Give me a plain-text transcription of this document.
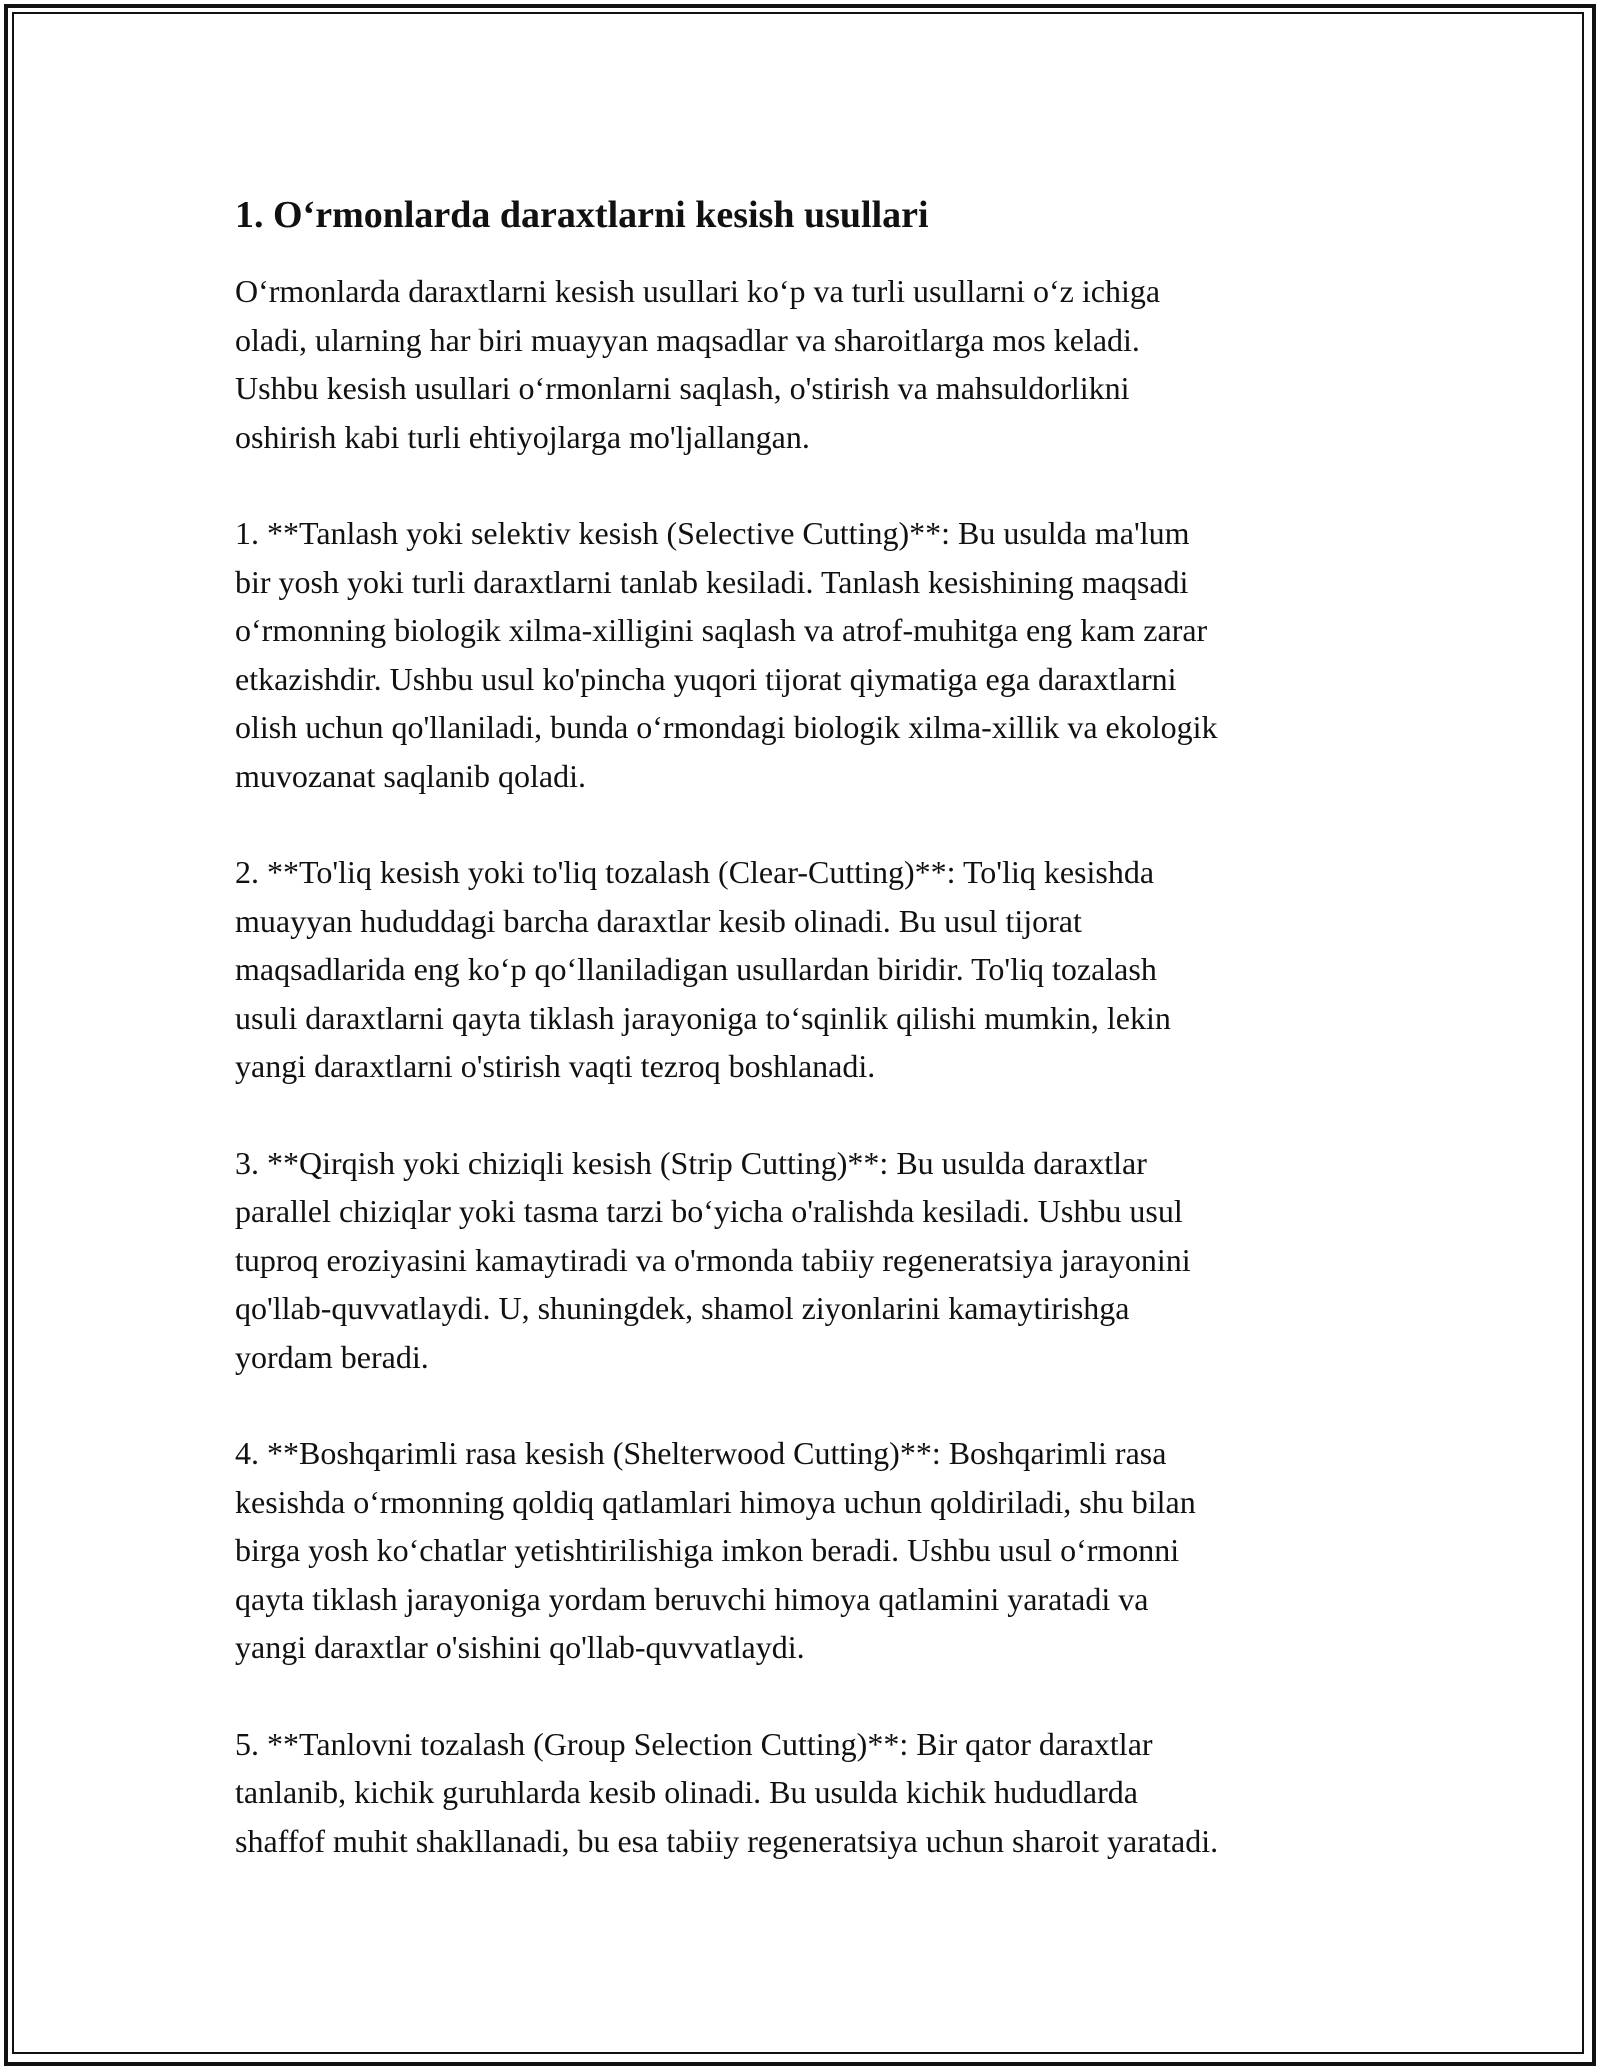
1. O‘rmonlarda daraxtlarni kesish usullari

O‘rmonlarda daraxtlarni kesish usullari ko‘p va turli usullarni o‘z ichiga
oladi, ularning har biri muayyan maqsadlar va sharoitlarga mos keladi.
Ushbu kesish usullari o‘rmonlarni saqlash, o'stirish va mahsuldorlikni
oshirish kabi turli ehtiyojlarga mo'ljallangan.

1. **Tanlash yoki selektiv kesish (Selective Cutting)**: Bu usulda ma'lum
bir yosh yoki turli daraxtlarni tanlab kesiladi. Tanlash kesishining maqsadi
o‘rmonning biologik xilma-xilligini saqlash va atrof-muhitga eng kam zarar
etkazishdir. Ushbu usul ko'pincha yuqori tijorat qiymatiga ega daraxtlarni
olish uchun qo'llaniladi, bunda o‘rmondagi biologik xilma-xillik va ekologik
muvozanat saqlanib qoladi.

2. **To'liq kesish yoki to'liq tozalash (Clear-Cutting)**: To'liq kesishda
muayyan hududdagi barcha daraxtlar kesib olinadi. Bu usul tijorat
maqsadlarida eng ko‘p qo‘llaniladigan usullardan biridir. To'liq tozalash
usuli daraxtlarni qayta tiklash jarayoniga to‘sqinlik qilishi mumkin, lekin
yangi daraxtlarni o'stirish vaqti tezroq boshlanadi.

3. **Qirqish yoki chiziqli kesish (Strip Cutting)**: Bu usulda daraxtlar
parallel chiziqlar yoki tasma tarzi bo‘yicha o'ralishda kesiladi. Ushbu usul
tuproq eroziyasini kamaytiradi va o'rmonda tabiiy regeneratsiya jarayonini
qo'llab-quvvatlaydi. U, shuningdek, shamol ziyonlarini kamaytirishga
yordam beradi.

4. **Boshqarimli rasa kesish (Shelterwood Cutting)**: Boshqarimli rasa
kesishda o‘rmonning qoldiq qatlamlari himoya uchun qoldiriladi, shu bilan
birga yosh ko‘chatlar yetishtirilishiga imkon beradi. Ushbu usul o‘rmonni
qayta tiklash jarayoniga yordam beruvchi himoya qatlamini yaratadi va
yangi daraxtlar o'sishini qo'llab-quvvatlaydi.

5. **Tanlovni tozalash (Group Selection Cutting)**: Bir qator daraxtlar
tanlanib, kichik guruhlarda kesib olinadi. Bu usulda kichik hududlarda
shaffof muhit shakllanadi, bu esa tabiiy regeneratsiya uchun sharoit yaratadi.
